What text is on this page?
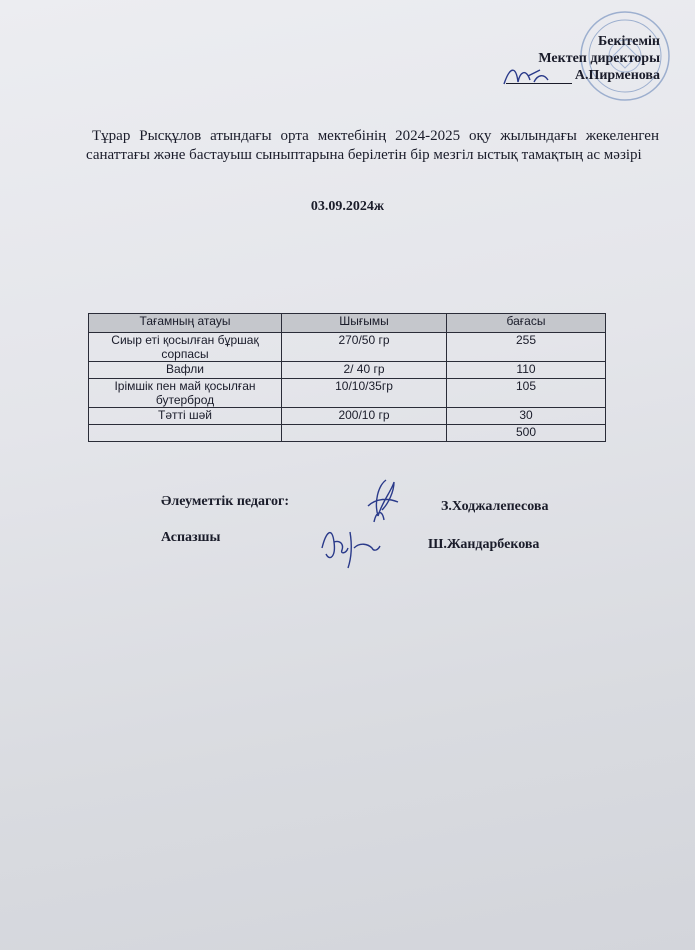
Бекітемін
Мектеп директоры
А.Пирменова
Тұрар Рысқұлов атындағы орта мектебінің 2024-2025 оқу жылындағы жекеленген санаттағы және бастауыш сыныптарына берілетін бір мезгіл ыстық тамақтың ас мәзірі
03.09.2024ж
Тағамның атауы	Шығымы	бағасы
Сиыр еті қосылған бұршақ сорпасы	270/50 гр	255
Вафли	2/ 40 гр	110
Ірімшік пен май қосылған бутерброд	10/10/35гр	105
Тәтті шәй	200/10 гр	30
		500
Әлеуметтік педагог:	З.Ходжалепесова
Аспазшы	Ш.Жандарбекова
